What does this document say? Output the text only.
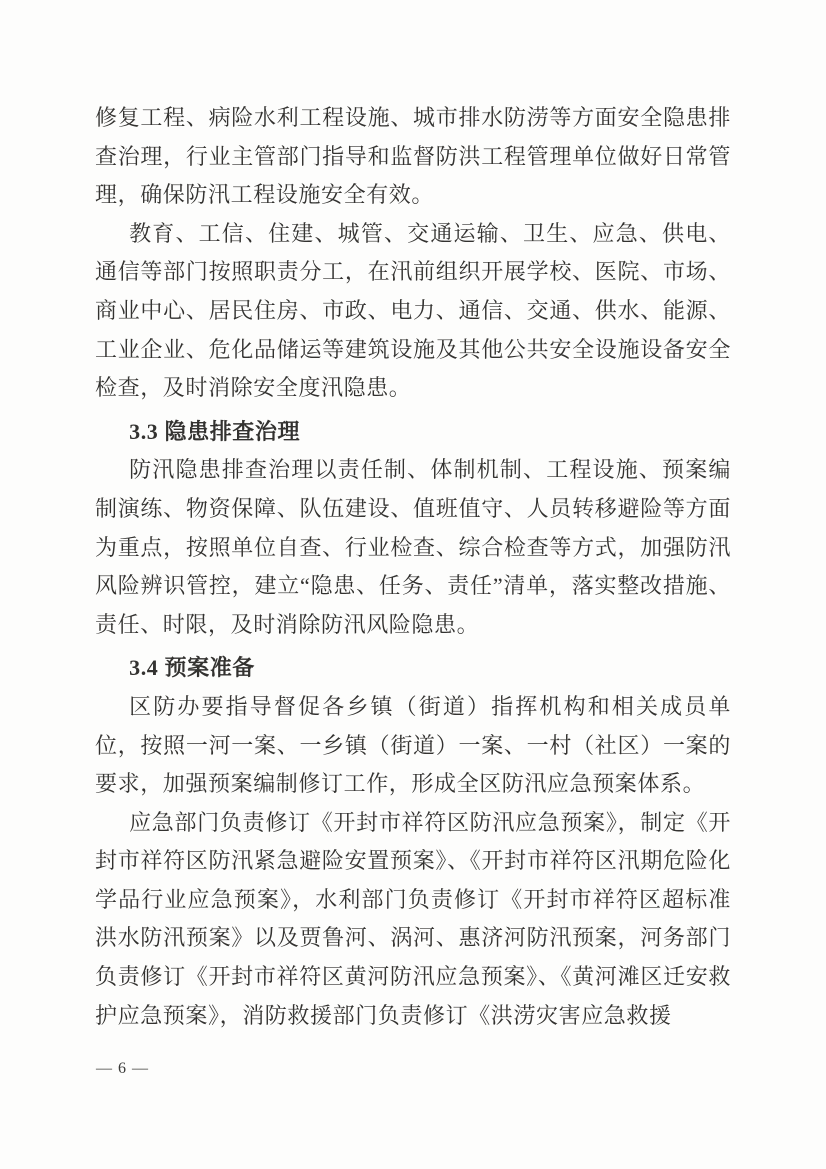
修复工程、病险水利工程设施、城市排水防涝等方面安全隐患排查治理，行业主管部门指导和监督防洪工程管理单位做好日常管理，确保防汛工程设施安全有效。

教育、工信、住建、城管、交通运输、卫生、应急、供电、通信等部门按照职责分工，在汛前组织开展学校、医院、市场、商业中心、居民住房、市政、电力、通信、交通、供水、能源、工业企业、危化品储运等建筑设施及其他公共安全设施设备安全检查，及时消除安全度汛隐患。

3.3 隐患排查治理

防汛隐患排查治理以责任制、体制机制、工程设施、预案编制演练、物资保障、队伍建设、值班值守、人员转移避险等方面为重点，按照单位自查、行业检查、综合检查等方式，加强防汛风险辨识管控，建立“隐患、任务、责任”清单，落实整改措施、责任、时限，及时消除防汛风险隐患。

3.4 预案准备

区防办要指导督促各乡镇（街道）指挥机构和相关成员单位，按照一河一案、一乡镇（街道）一案、一村（社区）一案的要求，加强预案编制修订工作，形成全区防汛应急预案体系。

应急部门负责修订《开封市祥符区防汛应急预案》，制定《开封市祥符区防汛紧急避险安置预案》、《开封市祥符区汛期危险化学品行业应急预案》，水利部门负责修订《开封市祥符区超标准洪水防汛预案》以及贾鲁河、涡河、惠济河防汛预案，河务部门负责修订《开封市祥符区黄河防汛应急预案》、《黄河滩区迁安救护应急预案》，消防救援部门负责修订《洪涝灾害应急救援

— 6 —
